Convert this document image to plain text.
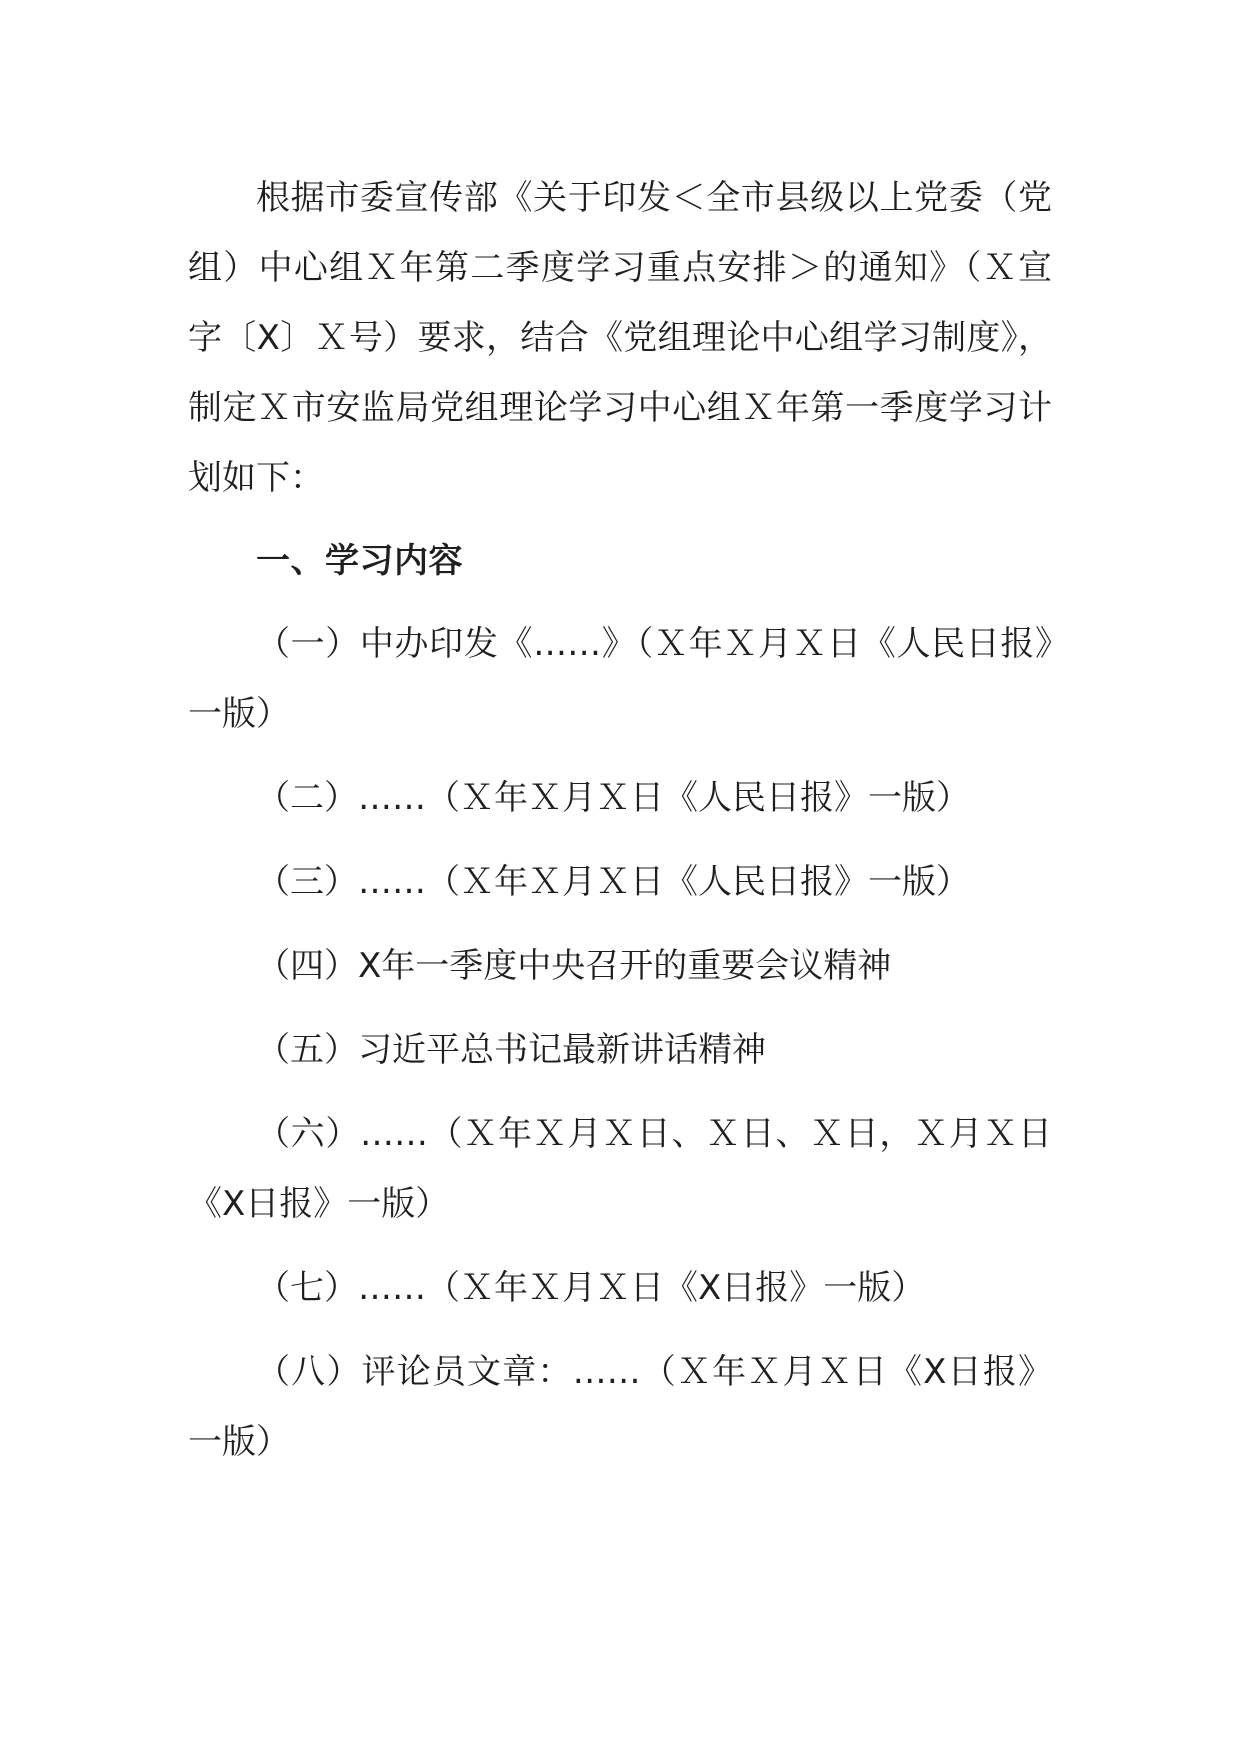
根据市委宣传部《关于印发＜全市县级以上党委（党组）中心组Ｘ年第二季度学习重点安排＞的通知》（Ｘ宣字〔X〕Ｘ号）要求，结合《党组理论中心组学习制度》，制定Ｘ市安监局党组理论学习中心组Ｘ年第一季度学习计划如下：

一、学习内容

（一）中办印发《……》（Ｘ年Ｘ月Ｘ日《人民日报》一版）

（二）……（Ｘ年Ｘ月Ｘ日《人民日报》一版）

（三）……（Ｘ年Ｘ月Ｘ日《人民日报》一版）

（四）X年一季度中央召开的重要会议精神

（五）习近平总书记最新讲话精神

（六）……（Ｘ年Ｘ月Ｘ日、Ｘ日、Ｘ日，Ｘ月Ｘ日《X日报》一版）

（七）……（Ｘ年Ｘ月Ｘ日《X日报》一版）

（八）评论员文章：……（Ｘ年Ｘ月Ｘ日《X日报》一版）
